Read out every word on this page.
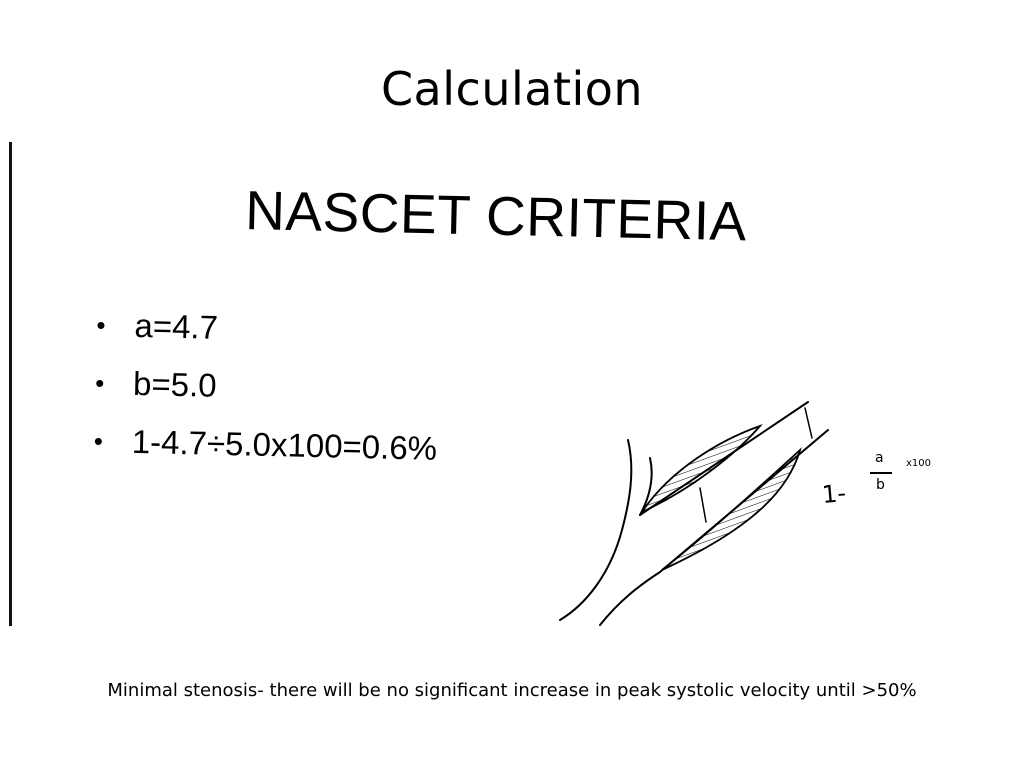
Calculation
NASCET CRITERIA
• a=4.7
• b=5.0
• 1-4.7÷5.0x100=0.6%
1-
a
b
x100
Minimal stenosis- there will be no significant increase in peak systolic velocity until >50%
